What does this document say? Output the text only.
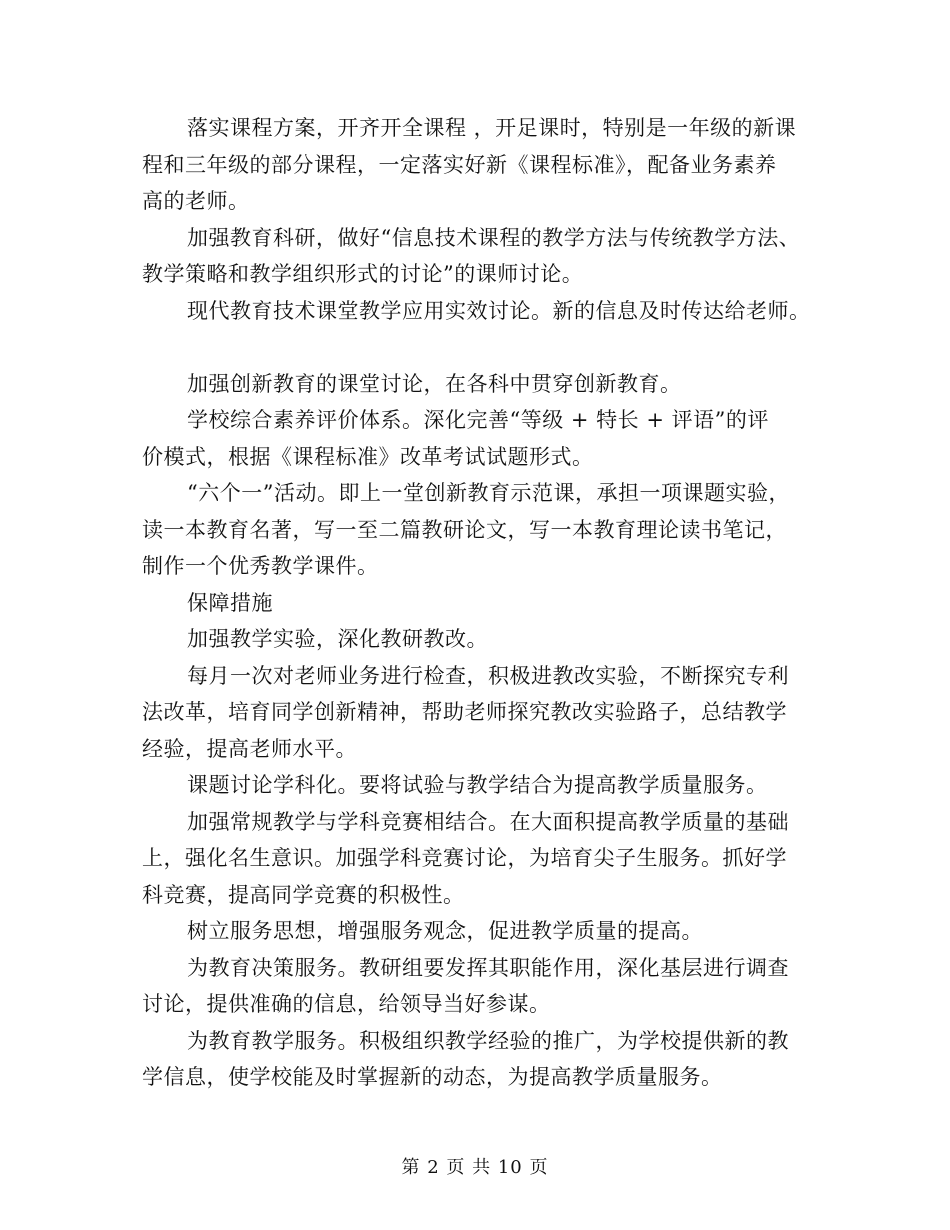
落实课程方案，开齐开全课程 ，开足课时，特别是一年级的新课
程和三年级的部分课程，一定落实好新《课程标准》，配备业务素养
高的老师。
加强教育科研，做好“信息技术课程的教学方法与传统教学方法、
教学策略和教学组织形式的讨论”的课师讨论。
现代教育技术课堂教学应用实效讨论。新的信息及时传达给老师。
加强创新教育的课堂讨论，在各科中贯穿创新教育。
学校综合素养评价体系。深化完善“等级 + 特长 + 评语”的评
价模式，根据《课程标准》改革考试试题形式。
“六个一”活动。即上一堂创新教育示范课，承担一项课题实验，
读一本教育名著，写一至二篇教研论文，写一本教育理论读书笔记，
制作一个优秀教学课件。
保障措施
加强教学实验，深化教研教改。
每月一次对老师业务进行检查，积极进教改实验，不断探究专利
法改革，培育同学创新精神，帮助老师探究教改实验路子，总结教学
经验，提高老师水平。
课题讨论学科化。要将试验与教学结合为提高教学质量服务。
加强常规教学与学科竞赛相结合。在大面积提高教学质量的基础
上，强化名生意识。加强学科竞赛讨论，为培育尖子生服务。抓好学
科竞赛，提高同学竞赛的积极性。
树立服务思想，增强服务观念，促进教学质量的提高。
为教育决策服务。教研组要发挥其职能作用，深化基层进行调查
讨论，提供准确的信息，给领导当好参谋。
为教育教学服务。积极组织教学经验的推广，为学校提供新的教
学信息，使学校能及时掌握新的动态，为提高教学质量服务。
第 2 页 共 10 页
